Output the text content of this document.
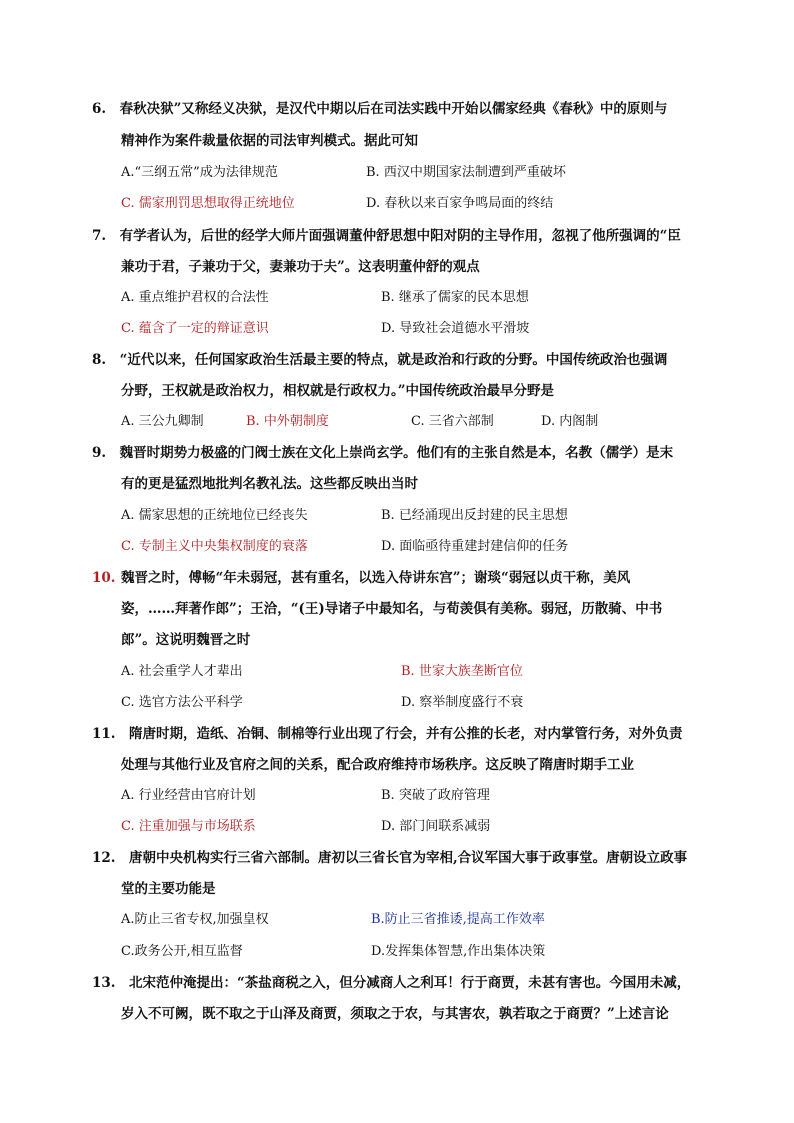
6.　春秋决狱”又称经义决狱，是汉代中期以后在司法实践中开始以儒家经典《春秋》中的原则与
精神作为案件裁量依据的司法审判模式。据此可知
A.“三纲五常”成为法律规范	B. 西汉中期国家法制遭到严重破坏
C. 儒家刑罚思想取得正统地位	D. 春秋以来百家争鸣局面的终结
7.　有学者认为，后世的经学大师片面强调董仲舒思想中阳对阴的主导作用，忽视了他所强调的“臣
兼功于君，子兼功于父，妻兼功于夫”。这表明董仲舒的观点
A. 重点维护君权的合法性	B. 继承了儒家的民本思想
C. 蕴含了一定的辩证意识	D. 导致社会道德水平滑坡
8.　“近代以来，任何国家政治生活最主要的特点，就是政治和行政的分野。中国传统政治也强调
分野，王权就是政治权力，相权就是行政权力。”中国传统政治最早分野是
A. 三公九卿制	B. 中外朝制度	C. 三省六部制	D. 内阁制
9.　魏晋时期势力极盛的门阀士族在文化上崇尚玄学。他们有的主张自然是本，名教（儒学）是末
有的更是猛烈地批判名教礼法。这些都反映出当时
A. 儒家思想的正统地位已经丧失	B. 已经涌现出反封建的民主思想
C. 专制主义中央集权制度的衰落	D. 面临亟待重建封建信仰的任务
10. 魏晋之时，傅畅“年未弱冠，甚有重名，以选入侍讲东宫”；谢琰“弱冠以贞干称，美风
姿，……拜著作郎”；王洽，“(王)导诸子中最知名，与荀羡俱有美称。弱冠，历散骑、中书
郎”。这说明魏晋之时
A. 社会重学人才辈出	B. 世家大族垄断官位
C. 选官方法公平科学	D. 察举制度盛行不衰
11.　隋唐时期，造纸、冶铜、制棉等行业出现了行会，并有公推的长老，对内掌管行务，对外负责
处理与其他行业及官府之间的关系，配合政府维持市场秩序。这反映了隋唐时期手工业
A. 行业经营由官府计划	B. 突破了政府管理
C. 注重加强与市场联系	D. 部门间联系减弱
12.　唐朝中央机构实行三省六部制。唐初以三省长官为宰相,合议军国大事于政事堂。唐朝设立政事
堂的主要功能是
A.防止三省专权,加强皇权	B.防止三省推诿,提高工作效率
C.政务公开,相互监督	D.发挥集体智慧,作出集体决策
13.　北宋范仲淹提出：“茶盐商税之入，但分减商人之利耳！行于商贾，未甚有害也。今国用未减，
岁入不可阙，既不取之于山泽及商贾，须取之于农，与其害农，孰若取之于商贾？”上述言论
